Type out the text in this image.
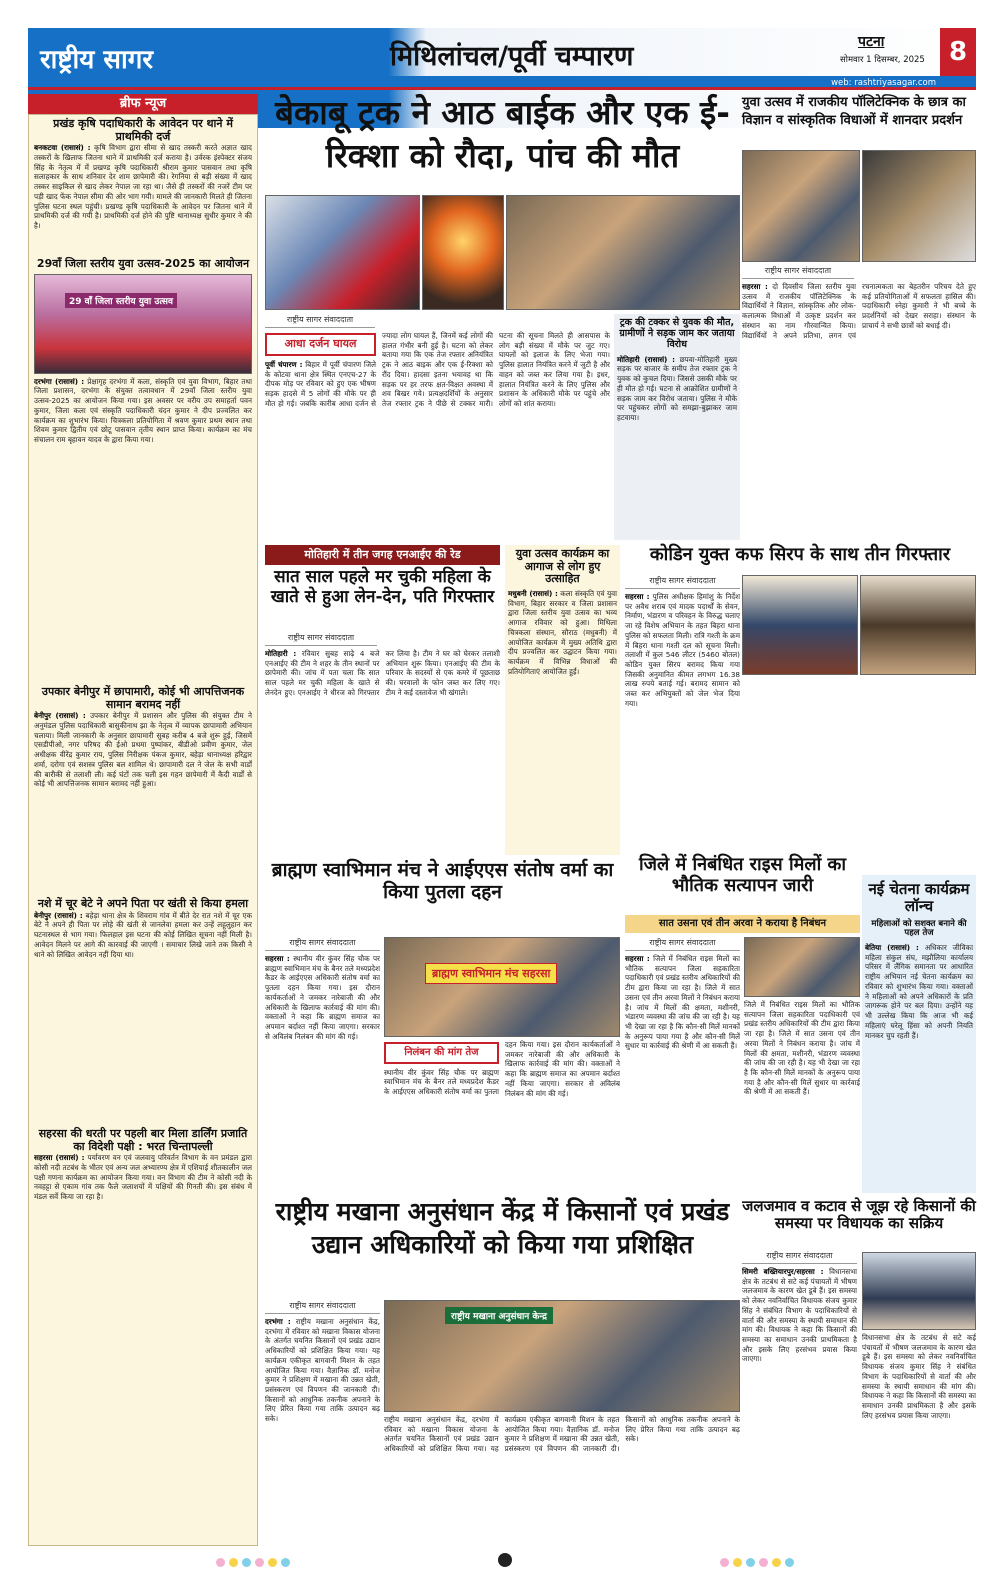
राष्ट्रीय सागर	मिथिलांचल/पूर्वी चम्पारण	पटना
सोमवार 1 दिसम्बर, 2025 8
web: rashtriyasagar.com
ब्रीफ न्यूज
प्रखंड कृषि पदाधिकारी के आवेदन पर थाने में प्राथमिकी दर्ज
बनकटवा (रासासं) : कृषि विभाग द्वारा सीमा से खाद तस्करी करते अज्ञात खाद तस्करों के खिलाफ जितना थाने में प्राथमिकी दर्ज कराया है। उर्वरक इंस्पेक्टर संजय सिंह के नेतृत्व में में प्रखण्ड कृषि पदाधिकारी श्रीराम कुमार पासवान तथा कृषि सलाहकार के साथ शनिवार देर शाम छापेमारी की। रेगनिया से बड़ी संख्या में खाद तस्कर साइकिल से खाद लेकर नेपाल जा रहा था। जैसे ही तस्करों की नजरें टीम पर पड़ी खाद फेंक नेपाल सीमा की ओर भाग गयी। मामले की जानकारी मिलते ही जितना पुलिस घटना स्थल पहुंची। प्रखण्ड कृषि पदाधिकारी के आवेदन पर जितना थाने में प्राथमिकी दर्ज की गयी है। प्राथमिकी दर्ज होने की पुष्टि थानाध्यक्ष सुधीर कुमार ने की है।
29वाँ जिला स्तरीय युवा उत्सव-2025 का आयोजन
29 वाँ जिला स्तरीय युवा उत्सव
दरभंगा (रासासं) : प्रेक्षागृह दरभंगा में कला, संस्कृति एवं युवा विभाग, बिहार तथा जिला प्रशासन, दरभंगा के संयुक्त तत्वावधान में 29वाँ जिला स्तरीय युवा उत्सव-2025 का आयोजन किया गया। इस अवसर पर वरीय उप समाहर्ता पवन कुमार, जिला कला एवं संस्कृति पदाधिकारी चंदन कुमार ने दीप प्रज्वलित कर कार्यक्रम का शुभारंभ किया। चित्रकला प्रतियोगिता में श्रवण कुमार प्रथम स्थान तथा शिवम कुमार द्वितीय एवं छोटू पासवान तृतीय स्थान प्राप्त किया। कार्यक्रम का मंच संचालन राम बृहावन यादव के द्वारा किया गया।
उपकार बेनीपुर में छापामारी, कोई भी आपत्तिजनक सामान बरामद नहीं
बेनीपुर (रासासं) : उपकार बेनीपुर में प्रशासन और पुलिस की संयुक्त टीम ने अनुमंडल पुलिस पदाधिकारी बासुकीनाथ झा के नेतृत्व में व्यापक छापामारी अभियान चलाया। मिली जानकारी के अनुसार छापामारी सुबह करीब 4 बजे शुरू हुई, जिसमें एसडीपीओ, नगर परिषद की ईओ प्रथमा पुष्पांकर, बीडीओ प्रवीण कुमार, जेल अधीक्षक वीरेंद्र कुमार राय, पुलिस निरीक्षक पंकज कुमार, बहेड़ा थानाध्यक्ष हरिद्वार शर्मा, दरोगा एवं सशस्त्र पुलिस बल शामिल थे। छापामारी दल ने जेल के सभी वार्डों की बारीकी से तलाशी ली। कई घंटों तक चली इस गहन छापेमारी में कैदी वार्डों से कोई भी आपत्तिजनक सामान बरामद नहीं हुआ।
नशे में चूर बेटे ने अपने पिता पर खंती से किया हमला
बेनीपुर (रासासं) : बहेड़ा थाना क्षेत्र के शिवराम गांव में बीते देर रात नशे में चूर एक बेटे ने अपने ही पिता पर लोहे की खंती से जानलेवा हमला कर उन्हें लहूलुहान कर घटनास्थल से भाग गया। फिलहाल इस घटना की कोई लिखित सूचना नहीं मिली है। आवेदन मिलने पर आगे की कारवाई की जाएगी । समाचार लिखे जाने तक किसी ने थाने को लिखित आवेदन नहीं दिया था।
सहरसा की धरती पर पहली बार मिला डार्लिंग प्रजाति का विदेशी पक्षी : भरत चिन्तापल्ली
सहरसा (रासासं) : पर्यावरण वन एवं जलवायु परिवर्तन विभाग के वन प्रमंडल द्वारा कोसी नदी तटबंध के भीतर एवं अन्य जल अभ्यारण्य क्षेत्र में एशियाई शीतकालीन जल पक्षी गणना कार्यक्रम का आयोजन किया गया। वन विभाग की टीम ने कोसी नदी के नवहट्टा से एकाम गांव तक फैले जलाशयों में पक्षियों की गिनती की। इस संबंध में मंडल सर्वे किया जा रहा है।
बेकाबू ट्रक ने आठ बाईक और एक ई-रिक्शा को रौदा, पांच की मौत
राष्ट्रीय सागर संवाददाता
आधा दर्जन घायल
पूर्वी चंपारण : बिहार में पूर्वी चंपारण जिले के कोटवा थाना क्षेत्र स्थित एनएच-27 के दीपक मोड़ पर रविवार को हुए एक भीषण सड़क हादसे में 5 लोगों की मौके पर ही मौत हो गई। जबकि कारीब आधा दर्जन से ज्यादा लोग घायल हैं, जिनमें कई लोगों की हालत गंभीर बनी हुई है। घटना को लेकर बताया गया कि एक तेज रफ्तार अनियंत्रित ट्रक ने आठ बाइक और एक ई-रिक्शा को रौंद दिया। हादसा इतना भयावह था कि सड़क पर हर तरफ क्षत-विक्षत अवस्था में शव बिखर गये। प्रत्यक्षदर्शियों के अनुसार तेज रफ्तार ट्रक ने पीछे से टक्कर मारी। घटना की सूचना मिलते ही आसपास के लोग बड़ी संख्या में मौके पर जुट गए। घायलों को इलाज के लिए भेजा गया। पुलिस हालात नियंत्रित करने में जुटी है और वाहन को जब्त कर लिया गया है। इधर, हालात नियंत्रित करने के लिए पुलिस और प्रशासन के अधिकारी मौके पर पहुंचे और लोगों को शांत कराया।
ट्रक की टक्कर से युवक की मौत, ग्रामीणों ने सड़क जाम कर जताया विरोध
मोतिहारी (रासासं) : छपवा-मोतिहारी मुख्य सड़क पर बाजार के समीप तेज रफ्तार ट्रक ने युवक को कुचल दिया। जिससे उसकी मौके पर ही मौत हो गई। घटना से आक्रोशित ग्रामीणों ने सड़क जाम कर विरोध जताया। पुलिस ने मौके पर पहुंचकर लोगों को समझा-बुझाकर जाम हटवाया।
युवा उत्सव में राजकीय पॉलिटेक्निक के छात्र का विज्ञान व सांस्कृतिक विधाओं में शानदार प्रदर्शन
राष्ट्रीय सागर संवाददाता
सहरसा : दो दिवसीय जिला स्तरीय युवा उत्सव में राजकीय पॉलिटेक्निक के विद्यार्थियों ने विज्ञान, सांस्कृतिक और लोक-कलात्मक विधाओं में उत्कृष्ट प्रदर्शन कर संस्थान का नाम गौरवान्वित किया। विद्यार्थियों ने अपने प्रतिभा, लगन एवं रचनात्मकता का बेहतरीन परिचय देते हुए कई प्रतियोगिताओं में सफलता हासिल की। पदाधिकारी स्नेहा कुमारी ने भी बच्चे के प्रदर्शनियों को देखर सराहा। संस्थान के प्राचार्य ने सभी छात्रों को बधाई दी।
मोतिहारी में तीन जगह एनआईए की रेड
सात साल पहले मर चुकी महिला के खाते से हुआ लेन-देन, पति गिरफ्तार
राष्ट्रीय सागर संवाददाता
मोतिहारी : रविवार सुबह साढ़े 4 बजे एनआईए की टीम ने शहर के तीन स्थानों पर छापेमारी की। जांच में पता चला कि सात साल पहले मर चुकी महिला के खाते से लेनदेन हुए। एनआईए ने धीरज को गिरफ्तार कर लिया है। टीम ने घर को घेरकर तलाशी अभियान शुरू किया। एनआईए की टीम के परिवार के सदस्यों से एक कमरे में पूछताछ की। घरवालों के फोन जब्त कर लिए गए। टीम ने कई दस्तावेज भी खंगाले।
युवा उत्सव कार्यक्रम का आगाज से लोग हुए उत्साहित
मधुबनी (रासासं) : कला संस्कृति एवं युवा विभाग, बिहार सरकार व जिला प्रशासन द्वारा जिला स्तरीय युवा उत्सव का भव्य आगाज रविवार को हुआ। मिथिला चित्रकला संस्थान, सौराठ (मधुबनी) में आयोजित कार्यक्रम में मुख्य अतिथि द्वारा दीप प्रज्वलित कर उद्घाटन किया गया। कार्यक्रम में विभिन्न विधाओं की प्रतियोगिताएं आयोजित हुईं।
कोडिन युक्त कफ सिरप के साथ तीन गिरफ्तार
राष्ट्रीय सागर संवाददाता
सहरसा : पुलिस अधीक्षक हिमांशु के निर्देश पर अवैध शराब एवं मादक पदार्थों के सेवन, निर्माण, भंडारण व परिवहन के विरुद्ध चलाए जा रहे विशेष अभियान के तहत बिहरा थाना पुलिस को सफलता मिली। रात्रि गश्ती के क्रम में बिहरा थाना गश्ती दल को सूचना मिली। तलाशी में कुल 546 लीटर (5460 बोतल) कोडिन युक्त सिरप बरामद किया गया जिसकी अनुमानित कीमत लगभग 16.38 लाख रुपये बताई गई। बरामद सामान को जब्त कर अभियुक्तों को जेल भेज दिया गया।
ब्राह्मण स्वाभिमान मंच ने आईएएस संतोष वर्मा का किया पुतला दहन
राष्ट्रीय सागर संवाददाता
सहरसा : स्थानीय वीर कुंवर सिंह चौक पर ब्राह्मण स्वाभिमान मंच के बैनर तले मध्यप्रदेश कैडर के आईएएस अधिकारी संतोष वर्मा का पुतला दहन किया गया। इस दौरान कार्यकर्ताओं ने जमकर नारेबाजी की और अधिकारी के खिलाफ कार्रवाई की मांग की। वक्ताओं ने कहा कि ब्राह्मण समाज का अपमान बर्दाश्त नहीं किया जाएगा। सरकार से अविलंब निलंबन की मांग की गई।
ब्राह्मण स्वाभिमान मंच सहरसा
निलंबन की मांग तेज
स्थानीय वीर कुंवर सिंह चौक पर ब्राह्मण स्वाभिमान मंच के बैनर तले मध्यप्रदेश कैडर के आईएएस अधिकारी संतोष वर्मा का पुतला दहन किया गया। इस दौरान कार्यकर्ताओं ने जमकर नारेबाजी की और अधिकारी के खिलाफ कार्रवाई की मांग की। वक्ताओं ने कहा कि ब्राह्मण समाज का अपमान बर्दाश्त नहीं किया जाएगा। सरकार से अविलंब निलंबन की मांग की गई।
जिले में निबंधित राइस मिलों का भौतिक सत्यापन जारी
सात उसना एवं तीन अरवा ने कराया है निबंधन
राष्ट्रीय सागर संवाददाता
सहरसा : जिले में निबंधित राइस मिलों का भौतिक सत्यापन जिला सहकारिता पदाधिकारी एवं प्रखंड स्तरीय अधिकारियों की टीम द्वारा किया जा रहा है। जिले में सात उसना एवं तीन अरवा मिलों ने निबंधन कराया है। जांच में मिलों की क्षमता, मशीनरी, भंडारण व्यवस्था की जांच की जा रही है। यह भी देखा जा रहा है कि कौन-सी मिलें मानकों के अनुरूप पाया गया है और कौन-सी मिलें सुधार या कार्रवाई की श्रेणी में आ सकती हैं।
जिले में निबंधित राइस मिलों का भौतिक सत्यापन जिला सहकारिता पदाधिकारी एवं प्रखंड स्तरीय अधिकारियों की टीम द्वारा किया जा रहा है। जिले में सात उसना एवं तीन अरवा मिलों ने निबंधन कराया है। जांच में मिलों की क्षमता, मशीनरी, भंडारण व्यवस्था की जांच की जा रही है। यह भी देखा जा रहा है कि कौन-सी मिलें मानकों के अनुरूप पाया गया है और कौन-सी मिलें सुधार या कार्रवाई की श्रेणी में आ सकती हैं।
नई चेतना कार्यक्रम लॉन्च
महिलाओं को सशक्त बनाने की पहल तेज
बेतिया (रासासं) : अधिकार जीविका महिला संकुल संघ, मझौलिया कार्यालय परिसर में लैंगिक समानता पर आधारित राष्ट्रीय अभियान नई चेतना कार्यक्रम का रविवार को शुभारंभ किया गया। वक्ताओं ने महिलाओं को अपने अधिकारों के प्रति जागरूक होने पर बल दिया। उन्होंने यह भी उल्लेख किया कि आज भी कई महिलाएं घरेलू हिंसा को अपनी नियति मानकर चुप रहती हैं।
राष्ट्रीय मखाना अनुसंधान केंद्र में किसानों एवं प्रखंड उद्यान अधिकारियों को किया गया प्रशिक्षित
राष्ट्रीय सागर संवाददाता
दरभंगा : राष्ट्रीय मखाना अनुसंधान केंद्र, दरभंगा में रविवार को मखाना विकास योजना के अंतर्गत चयनित किसानों एवं प्रखंड उद्यान अधिकारियों को प्रशिक्षित किया गया। यह कार्यक्रम एकीकृत बागवानी मिशन के तहत आयोजित किया गया। वैज्ञानिक डॉ. मनोज कुमार ने प्रशिक्षण में मखाना की उन्नत खेती, प्रसंस्करण एवं विपणन की जानकारी दी। किसानों को आधुनिक तकनीक अपनाने के लिए प्रेरित किया गया ताकि उत्पादन बढ़ सके।
राष्ट्रीय मखाना अनुसंधान केन्द्र
राष्ट्रीय मखाना अनुसंधान केंद्र, दरभंगा में रविवार को मखाना विकास योजना के अंतर्गत चयनित किसानों एवं प्रखंड उद्यान अधिकारियों को प्रशिक्षित किया गया। यह कार्यक्रम एकीकृत बागवानी मिशन के तहत आयोजित किया गया। वैज्ञानिक डॉ. मनोज कुमार ने प्रशिक्षण में मखाना की उन्नत खेती, प्रसंस्करण एवं विपणन की जानकारी दी। किसानों को आधुनिक तकनीक अपनाने के लिए प्रेरित किया गया ताकि उत्पादन बढ़ सके।
जलजमाव व कटाव से जूझ रहे किसानों की समस्या पर विधायक का सक्रिय
राष्ट्रीय सागर संवाददाता
सिमरी बख्तियारपुर/सहरसा : विधानसभा क्षेत्र के तटबंध से सटे कई पंचायतों में भीषण जलजमाव के कारण खेत डूबे हैं। इस समस्या को लेकर नवनिर्वाचित विधायक संजय कुमार सिंह ने संबंधित विभाग के पदाधिकारियों से वार्ता की और समस्या के स्थायी समाधान की मांग की। विधायक ने कहा कि किसानों की समस्या का समाधान उनकी प्राथमिकता है और इसके लिए हरसंभव प्रयास किया जाएगा।
विधानसभा क्षेत्र के तटबंध से सटे कई पंचायतों में भीषण जलजमाव के कारण खेत डूबे हैं। इस समस्या को लेकर नवनिर्वाचित विधायक संजय कुमार सिंह ने संबंधित विभाग के पदाधिकारियों से वार्ता की और समस्या के स्थायी समाधान की मांग की। विधायक ने कहा कि किसानों की समस्या का समाधान उनकी प्राथमिकता है और इसके लिए हरसंभव प्रयास किया जाएगा।
